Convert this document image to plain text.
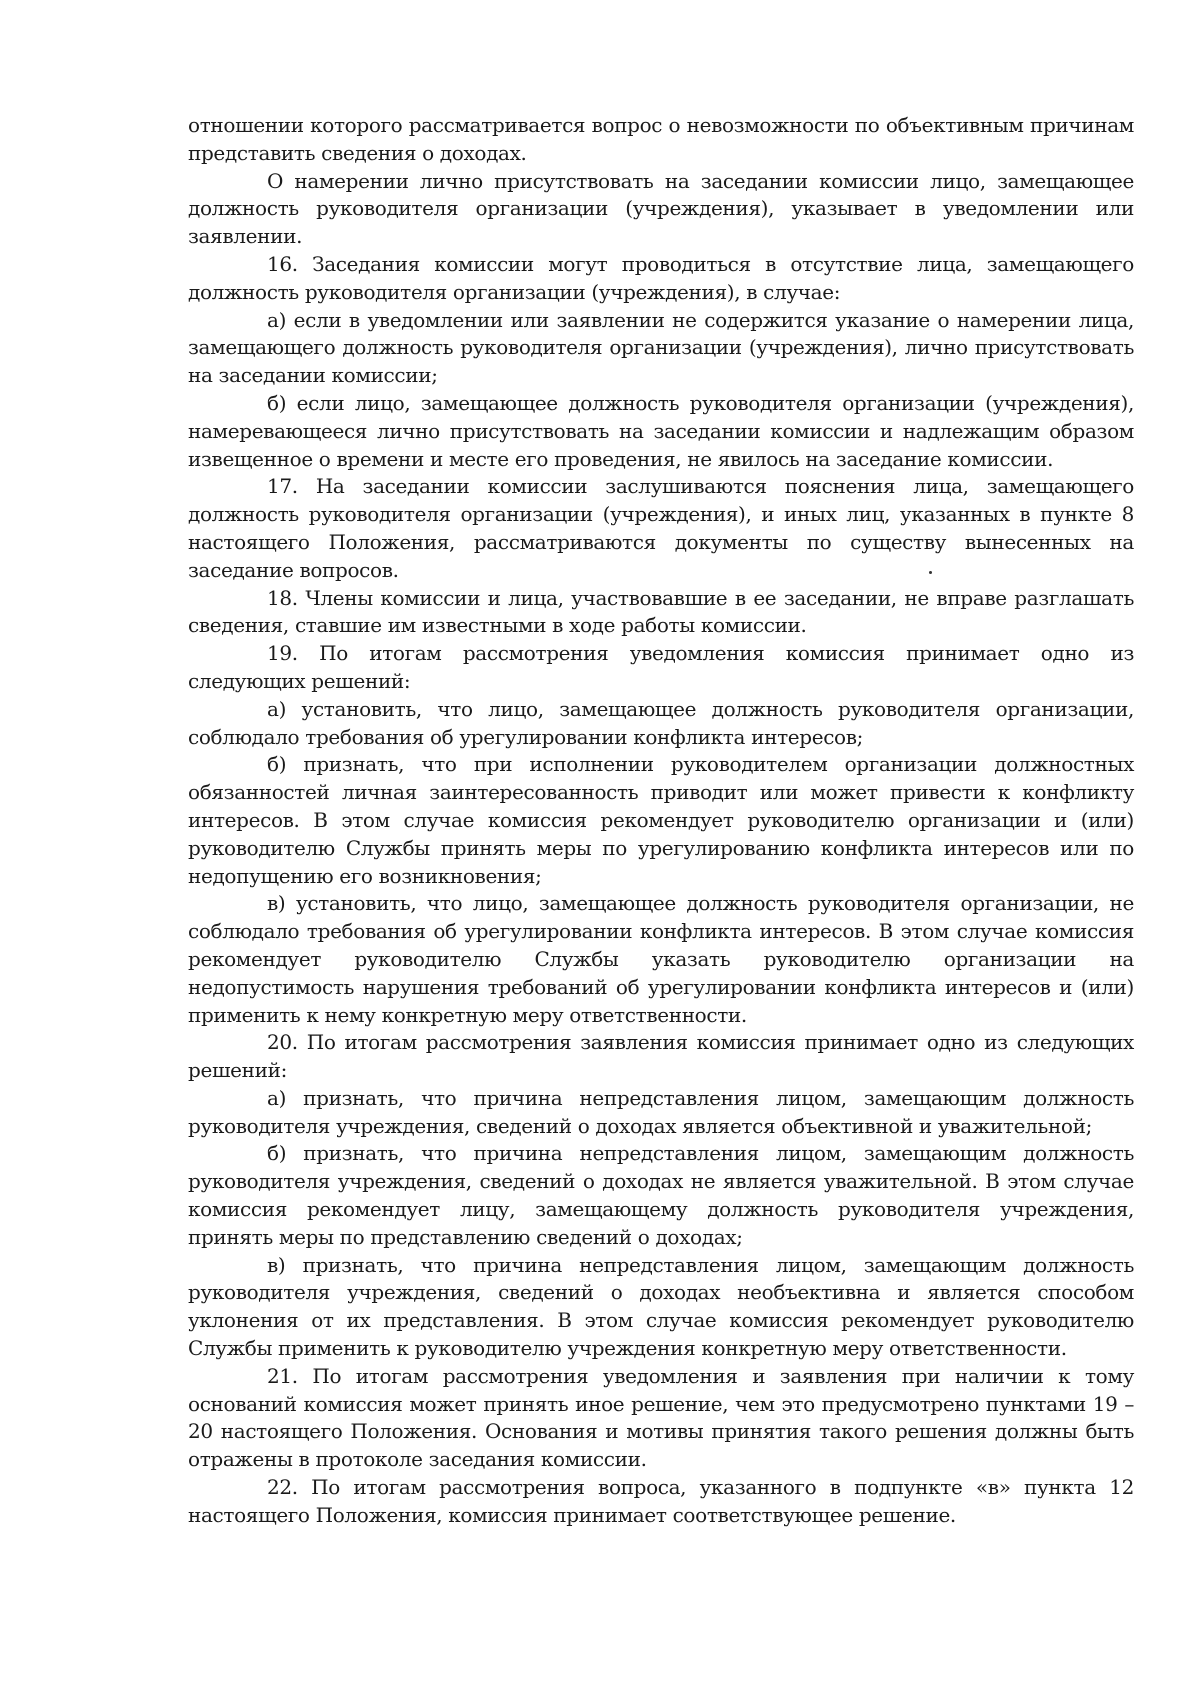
отношении которого рассматривается вопрос о невозможности по объективным причинам представить сведения о доходах.

О намерении лично присутствовать на заседании комиссии лицо, замещающее должность руководителя организации (учреждения), указывает в уведомлении или заявлении.

16. Заседания комиссии могут проводиться в отсутствие лица, замещающего должность руководителя организации (учреждения), в случае:

а) если в уведомлении или заявлении не содержится указание о намерении лица, замещающего должность руководителя организации (учреждения), лично присутствовать на заседании комиссии;

б) если лицо, замещающее должность руководителя организации (учреждения), намеревающееся лично присутствовать на заседании комиссии и надлежащим образом извещенное о времени и месте его проведения, не явилось на заседание комиссии.

17. На заседании комиссии заслушиваются пояснения лица, замещающего должность руководителя организации (учреждения), и иных лиц, указанных в пункте 8 настоящего Положения, рассматриваются документы по существу вынесенных на заседание вопросов.

18. Члены комиссии и лица, участвовавшие в ее заседании, не вправе разглашать сведения, ставшие им известными в ходе работы комиссии.

19. По итогам рассмотрения уведомления комиссия принимает одно из следующих решений:

а) установить, что лицо, замещающее должность руководителя организации, соблюдало требования об урегулировании конфликта интересов;

б) признать, что при исполнении руководителем организации должностных обязанностей личная заинтересованность приводит или может привести к конфликту интересов. В этом случае комиссия рекомендует руководителю организации и (или) руководителю Службы принять меры по урегулированию конфликта интересов или по недопущению его возникновения;

в) установить, что лицо, замещающее должность руководителя организации, не соблюдало требования об урегулировании конфликта интересов. В этом случае комиссия рекомендует руководителю Службы указать руководителю организации на недопустимость нарушения требований об урегулировании конфликта интересов и (или) применить к нему конкретную меру ответственности.

20. По итогам рассмотрения заявления комиссия принимает одно из следующих решений:

а) признать, что причина непредставления лицом, замещающим должность руководителя учреждения, сведений о доходах является объективной и уважительной;

б) признать, что причина непредставления лицом, замещающим должность руководителя учреждения, сведений о доходах не является уважительной. В этом случае комиссия рекомендует лицу, замещающему должность руководителя учреждения, принять меры по представлению сведений о доходах;

в) признать, что причина непредставления лицом, замещающим должность руководителя учреждения, сведений о доходах необъективна и является способом уклонения от их представления. В этом случае комиссия рекомендует руководителю Службы применить к руководителю учреждения конкретную меру ответственности.

21. По итогам рассмотрения уведомления и заявления при наличии к тому оснований комиссия может принять иное решение, чем это предусмотрено пунктами 19 – 20 настоящего Положения. Основания и мотивы принятия такого решения должны быть отражены в протоколе заседания комиссии.

22. По итогам рассмотрения вопроса, указанного в подпункте «в» пункта 12 настоящего Положения, комиссия принимает соответствующее решение.
